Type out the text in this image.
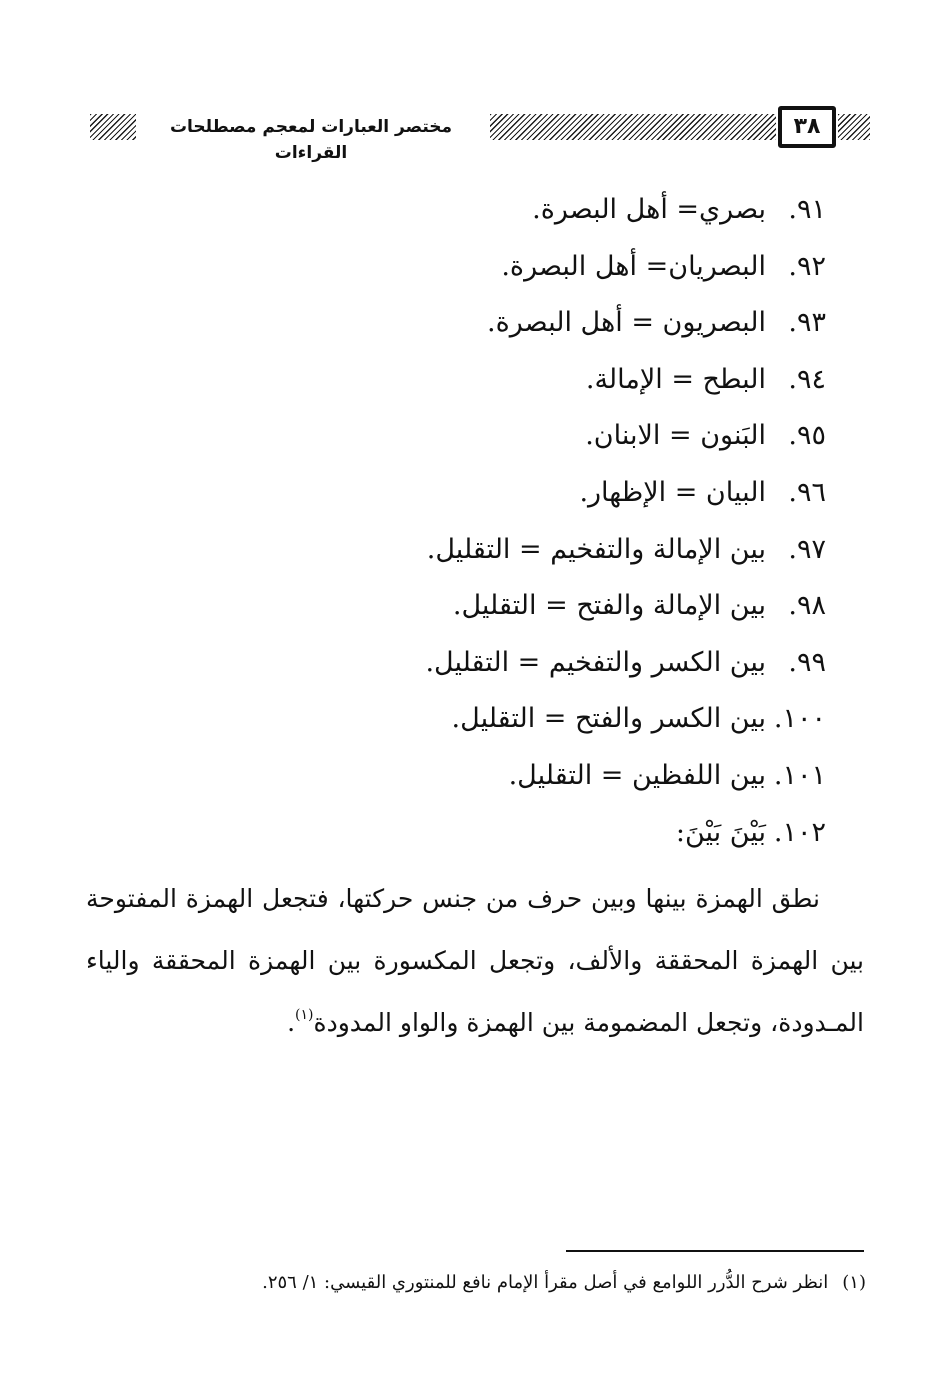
مختصر العبارات لمعجم مصطلحات القراءات
٣٨
٩١.
بصري= أهل البصرة.
٩٢.
البصريان= أهل البصرة.
٩٣.
البصريون = أهل البصرة.
٩٤.
البطح = الإمالة.
٩٥.
البَنون = الابنان.
٩٦.
البيان = الإظهار.
٩٧.
بين الإمالة والتفخيم = التقليل.
٩٨.
بين الإمالة والفتح = التقليل.
٩٩.
بين الكسر والتفخيم = التقليل.
١٠٠.
بين الكسر والفتح = التقليل.
١٠١.
بين اللفظين = التقليل.
١٠٢.
بَيْنَ بَيْنَ:

نطق الهمزة بينها وبين حرف من جنس حركتها، فتجعل الهمزة المفتوحة بين الهمزة المحققة والألف، وتجعل المكسورة بين الهمزة المحققة والياء المـدودة، وتجعل المضمومة بين الهمزة والواو المدودة$^{(١)}$.

(١)انظر شرح الدُّرر اللوامع في أصل مقرأ الإمام نافع للمنتوري القيسي: ١/ ٢٥٦.
